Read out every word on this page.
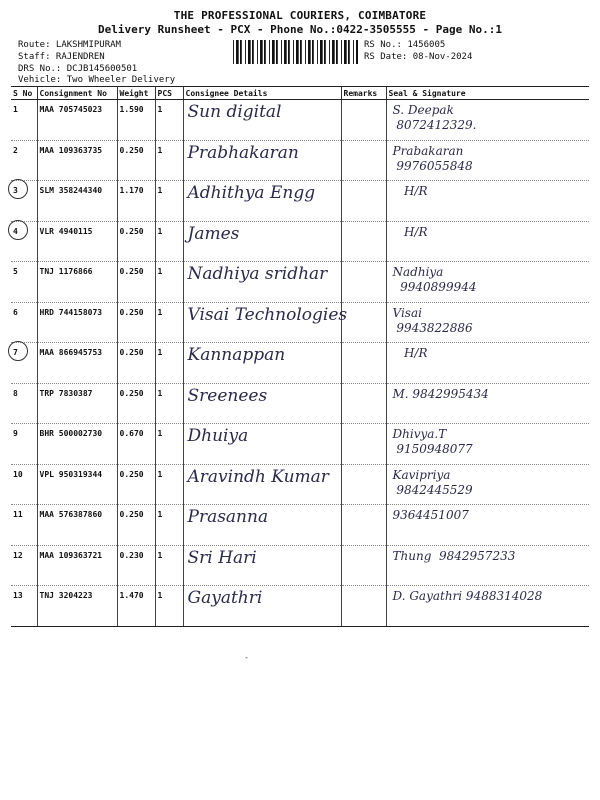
THE PROFESSIONAL COURIERS, COIMBATORE
Delivery Runsheet - PCX - Phone No.:0422-3505555 - Page No.:1
Route: LAKSHMIPURAM
Staff: RAJENDREN
DRS No.: DCJB145600501
Vehicle: Two Wheeler Delivery
RS No.: 1456005
RS Date: 08-Nov-2024
S No	Consignment No	Weight	PCS	Consignee Details	Remarks	Seal & Signature
1	MAA 705745023	1.590	1	Sun digital		S. Deepak
8072412329.

2	MAA 109363735	0.250	1	Prabhakaran		Prabakaran
9976055848

3	SLM 358244340	1.170	1	Adhithya Engg		H/R

4	VLR 4940115	0.250	1	James		H/R

5	TNJ 1176866	0.250	1	Nadhiya sridhar		Nadhiya
9940899944

6	HRD 744158073	0.250	1	Visai Technologies		Visai
9943822886

7	MAA 866945753	0.250	1	Kannappan		H/R

8	TRP 7830387	0.250	1	Sreenees		M. 9842995434

9	BHR 500002730	0.670	1	Dhuiya		Dhivya.T
9150948077

10	VPL 950319344	0.250	1	Aravindh Kumar		Kavipriya
9842445529

11	MAA 576387860	0.250	1	Prasanna		9364451007

12	MAA 109363721	0.230	1	Sri Hari		Thung  9842957233

13	TNJ 3204223	1.470	1	Gayathri		D. Gayathri 9488314028
-
